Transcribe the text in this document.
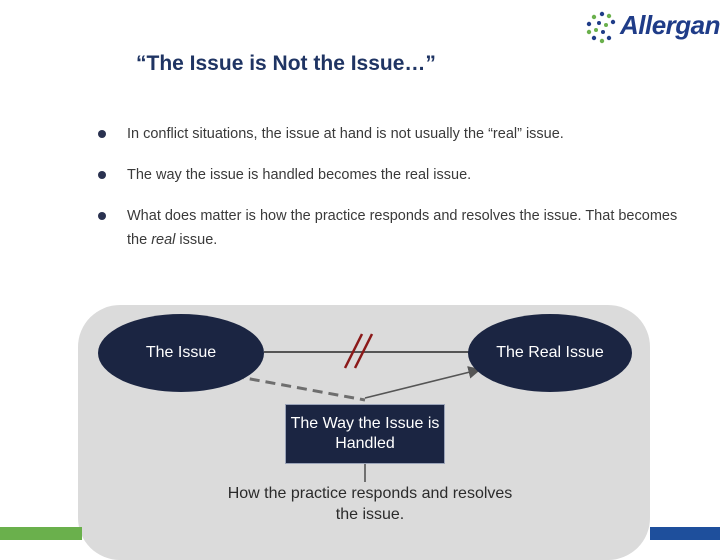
Allergan
“The Issue is Not the Issue…”
In conflict situations, the issue at hand is not usually the “real” issue.
The way the issue is handled becomes the real issue.
What does matter is how the practice responds and resolves the issue. That becomes the real issue.
The Issue	The Real Issue
The Way the Issue is Handled
How the practice responds and resolves the issue.
